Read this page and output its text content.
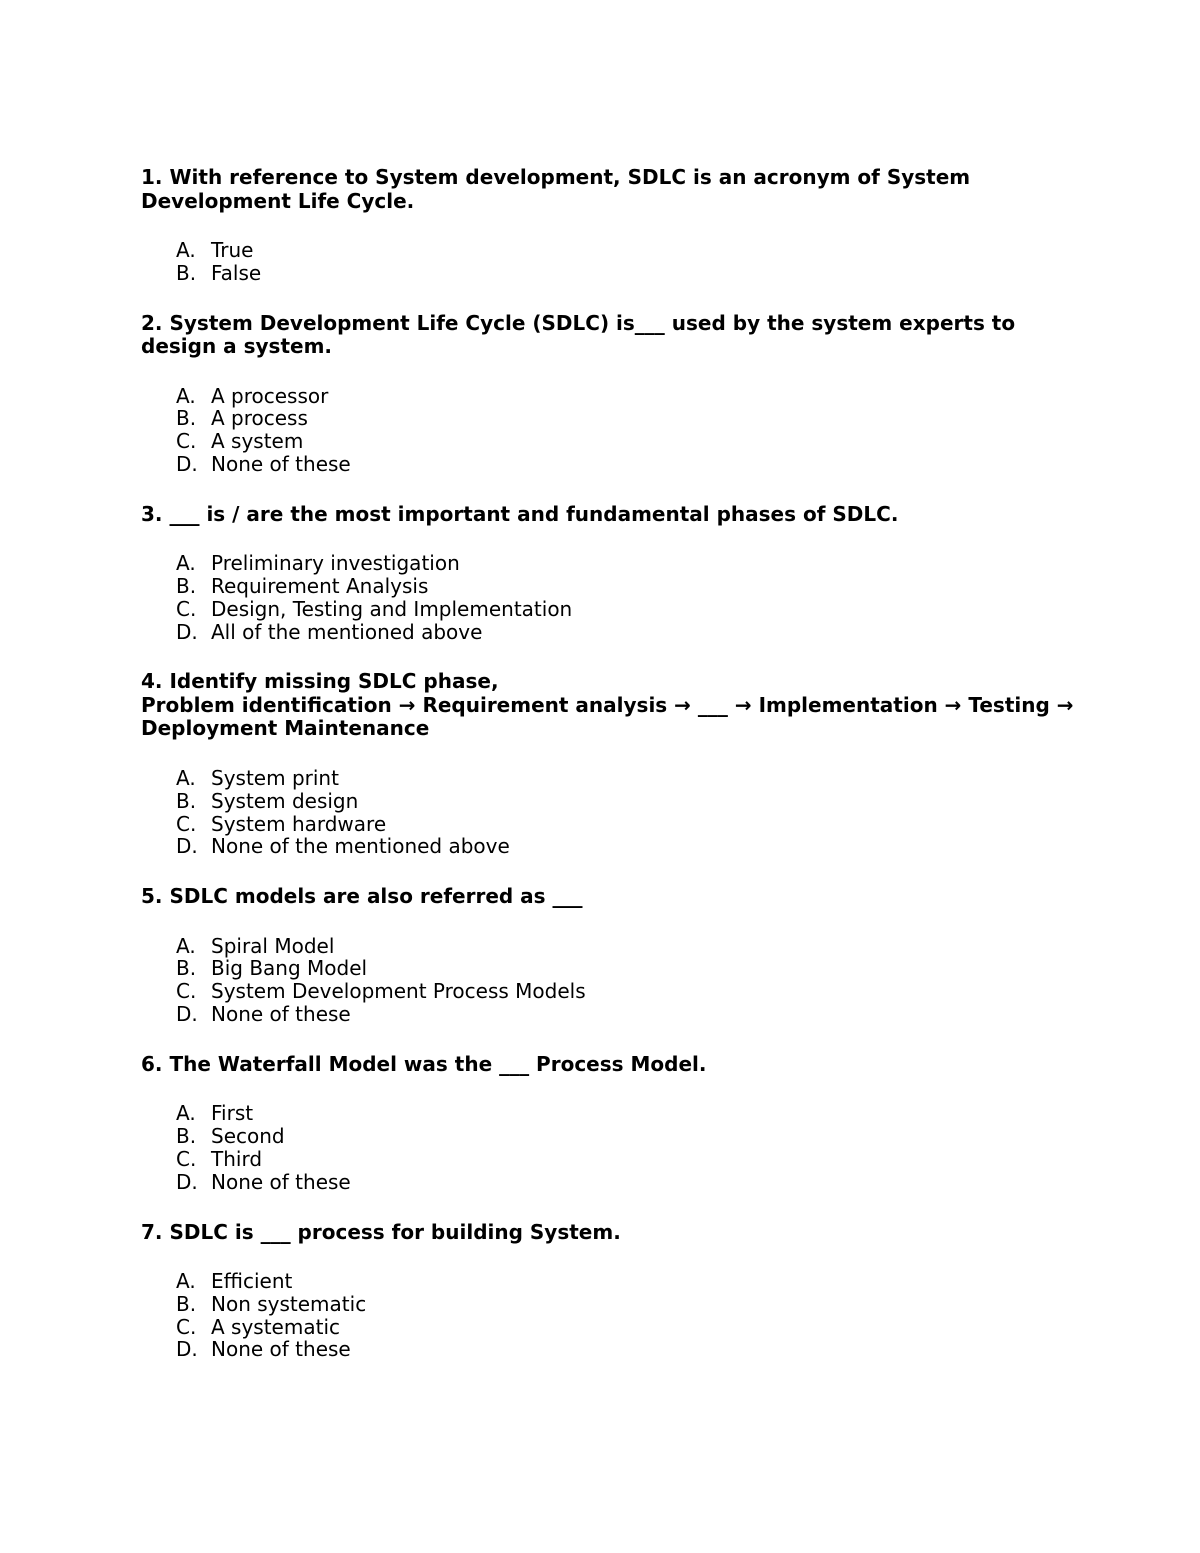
1. With reference to System development, SDLC is an acronym of System
Development Life Cycle.

A. True
B. False

2. System Development Life Cycle (SDLC) is___ used by the system experts to
design a system.

A. A processor
B. A process
C. A system
D. None of these

3. ___ is / are the most important and fundamental phases of SDLC.

A. Preliminary investigation
B. Requirement Analysis
C. Design, Testing and Implementation
D. All of the mentioned above

4. Identify missing SDLC phase,
Problem identification → Requirement analysis → ___ → Implementation → Testing →
Deployment Maintenance

A. System print
B. System design
C. System hardware
D. None of the mentioned above

5. SDLC models are also referred as ___

A. Spiral Model
B. Big Bang Model
C. System Development Process Models
D. None of these

6. The Waterfall Model was the ___ Process Model.

A. First
B. Second
C. Third
D. None of these

7. SDLC is ___ process for building System.

A. Efficient
B. Non systematic
C. A systematic
D. None of these
